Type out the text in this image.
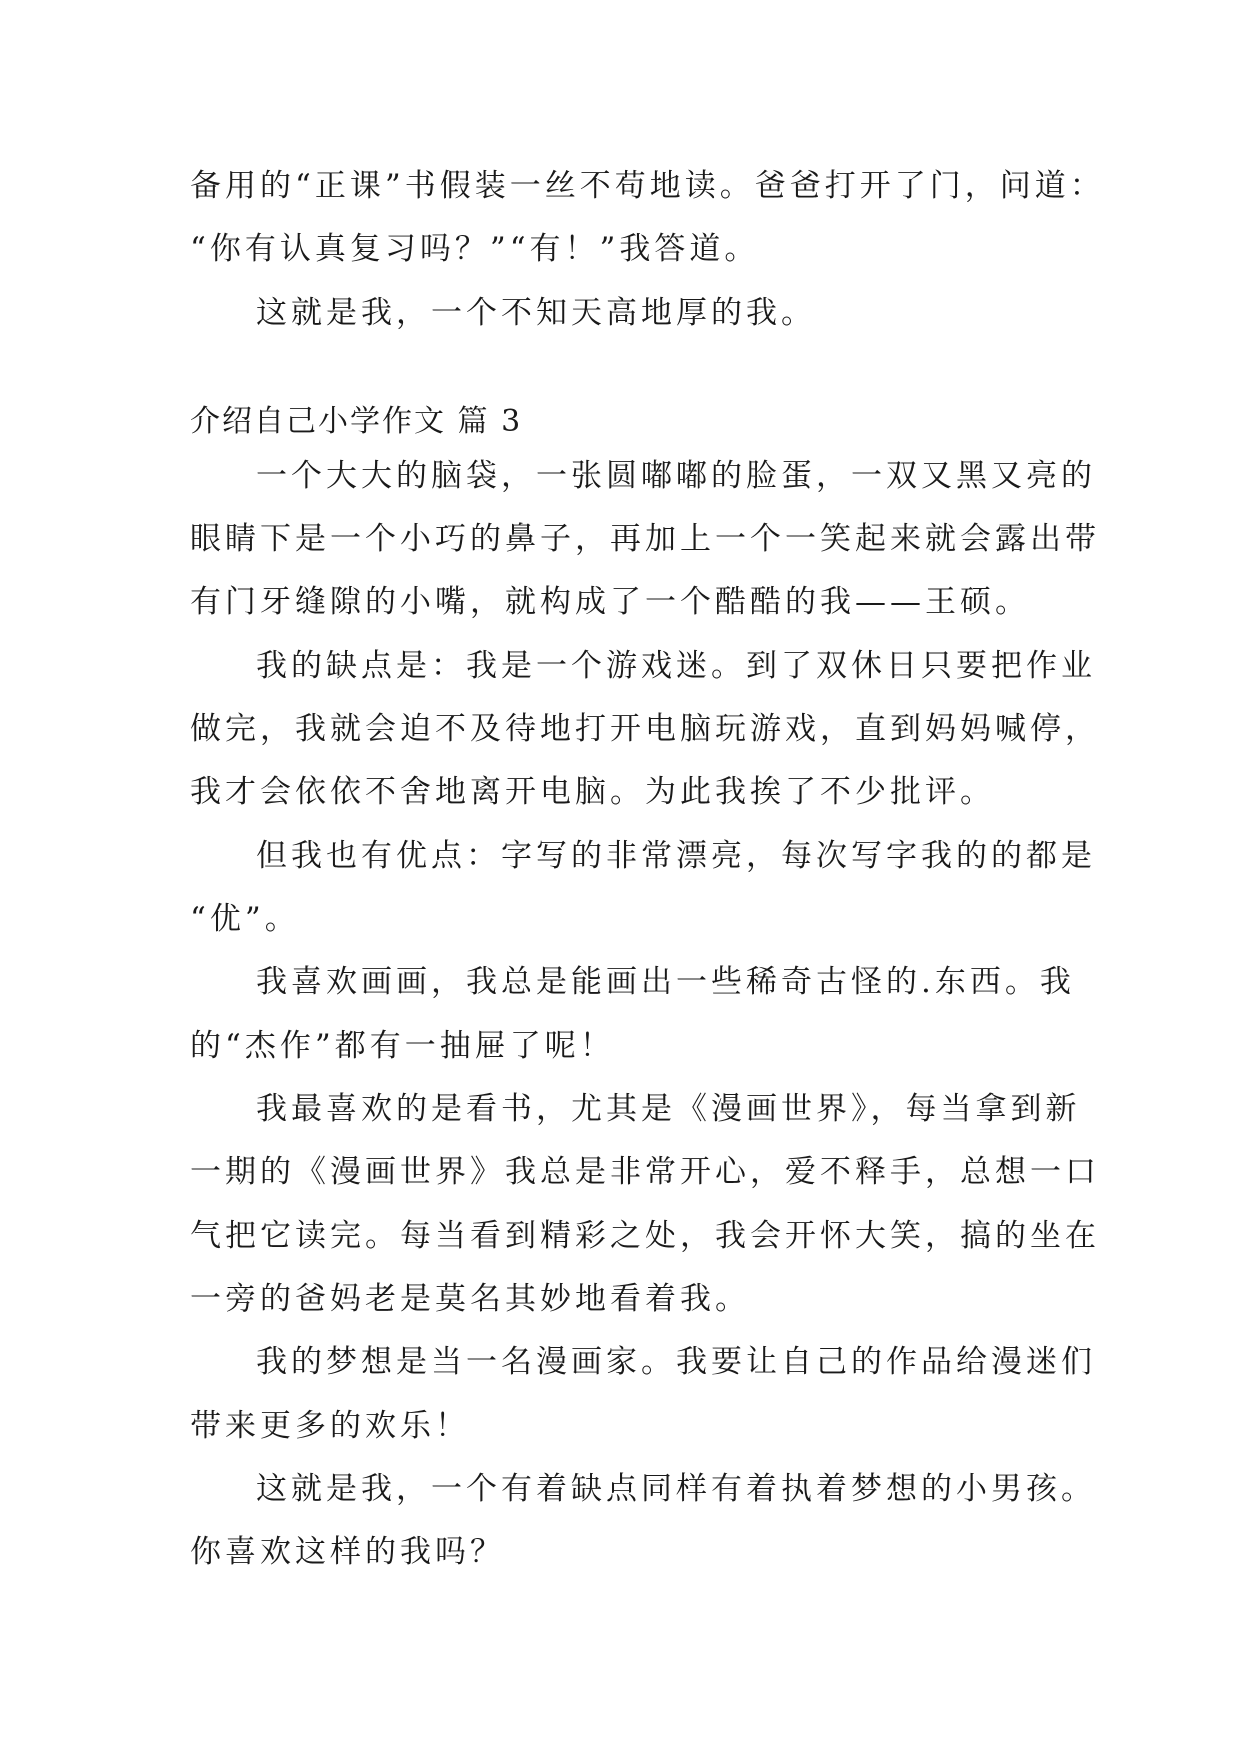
备用的“正课”书假装一丝不苟地读。爸爸打开了门，问道：
“你有认真复习吗？”“有！”我答道。
这就是我，一个不知天高地厚的我。
介绍自己小学作文 篇 3
一个大大的脑袋，一张圆嘟嘟的脸蛋，一双又黑又亮的
眼睛下是一个小巧的鼻子，再加上一个一笑起来就会露出带
有门牙缝隙的小嘴，就构成了一个酷酷的我——王硕。
我的缺点是：我是一个游戏迷。到了双休日只要把作业
做完，我就会迫不及待地打开电脑玩游戏，直到妈妈喊停，
我才会依依不舍地离开电脑。为此我挨了不少批评。
但我也有优点：字写的非常漂亮，每次写字我的的都是
“优”。
我喜欢画画，我总是能画出一些稀奇古怪的.东西。我
的“杰作”都有一抽屉了呢！
我最喜欢的是看书，尤其是《漫画世界》，每当拿到新
一期的《漫画世界》我总是非常开心，爱不释手，总想一口
气把它读完。每当看到精彩之处，我会开怀大笑，搞的坐在
一旁的爸妈老是莫名其妙地看着我。
我的梦想是当一名漫画家。我要让自己的作品给漫迷们
带来更多的欢乐！
这就是我，一个有着缺点同样有着执着梦想的小男孩。
你喜欢这样的我吗？
